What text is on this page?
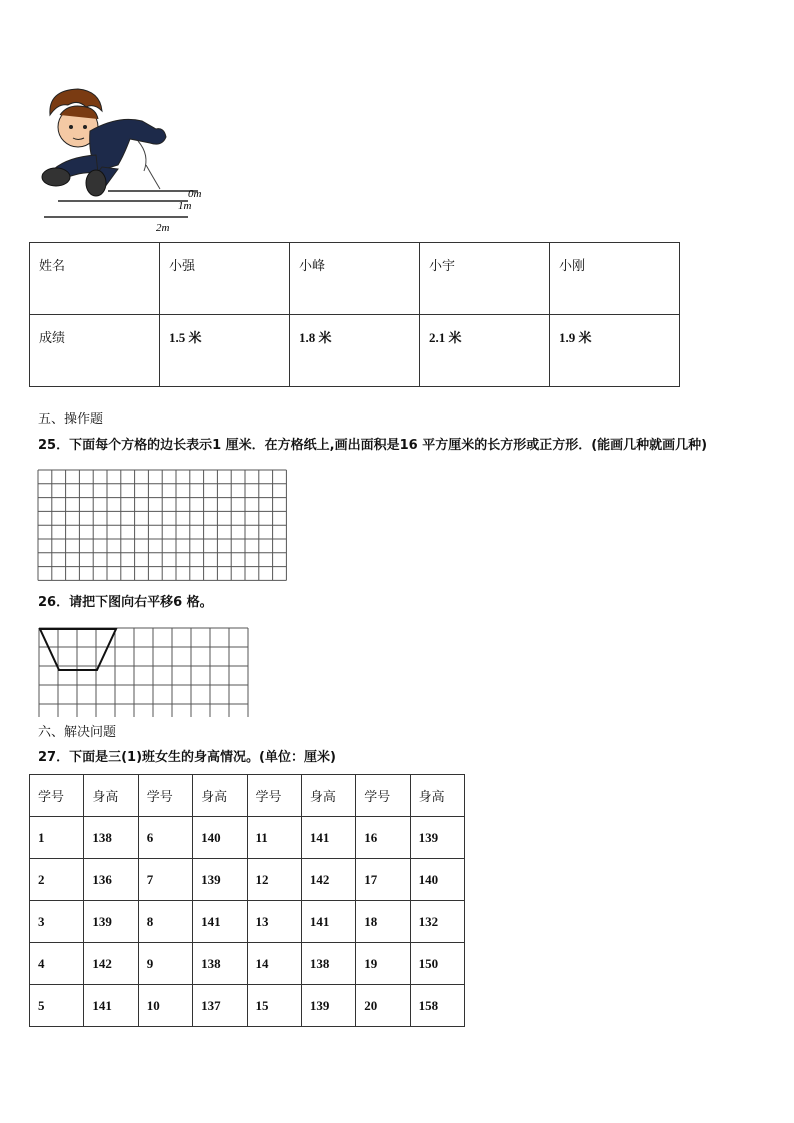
0m
1m
2m
姓名	小强	小峰	小宇	小刚
成绩	1.5 米	1.8 米	2.1 米	1.9 米
五、操作题
25．下面每个方格的边长表示1 厘米．在方格纸上,画出面积是16 平方厘米的长方形或正方形．(能画几种就画几种)
26．请把下图向右平移6 格。
六、解决问题
27．下面是三(1)班女生的身高情况。(单位：厘米)
学号	身高	学号	身高	学号	身高	学号	身高
1	138	6	140	11	141	16	139
2	136	7	139	12	142	17	140
3	139	8	141	13	141	18	132
4	142	9	138	14	138	19	150
5	141	10	137	15	139	20	158
